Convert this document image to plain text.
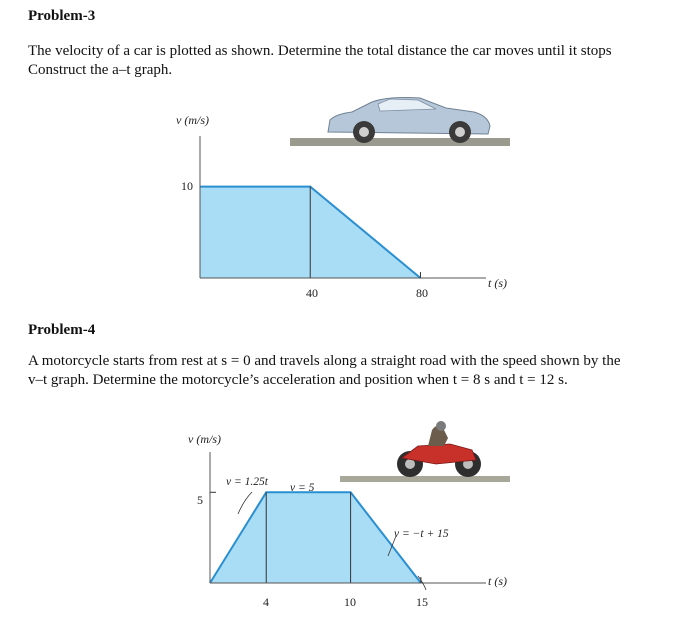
Problem-3
The velocity of a car is plotted as shown. Determine the total distance the car moves until it stops
Construct the a–t graph.
v (m/s)
t (s)
10
40	80
Problem-4
A motorcycle starts from rest at s = 0 and travels along a straight road with the speed shown by the
v–t graph. Determine the motorcycle’s acceleration and position when t = 8 s and t = 12 s.
v (m/s)
t (s)
5
4	10	15
v = 1.25t v = 5
v = −t + 15
